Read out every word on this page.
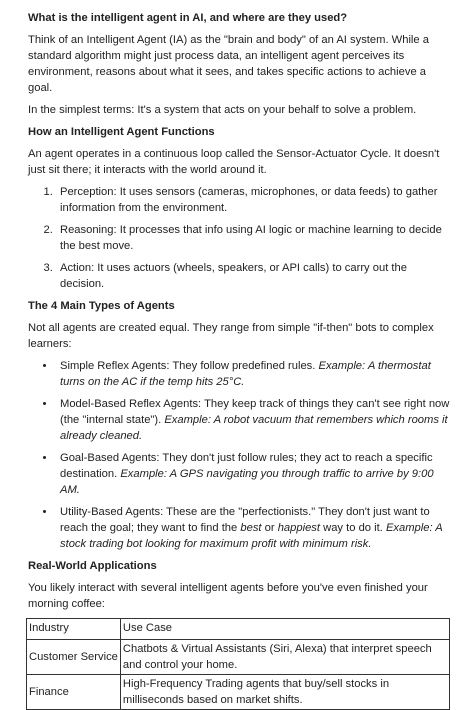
What is the intelligent agent in AI, and where are they used?

Think of an Intelligent Agent (IA) as the "brain and body" of an AI system. While a standard algorithm might just process data, an intelligent agent perceives its environment, reasons about what it sees, and takes specific actions to achieve a goal.

In the simplest terms: It's a system that acts on your behalf to solve a problem.

How an Intelligent Agent Functions

An agent operates in a continuous loop called the Sensor-Actuator Cycle. It doesn't just sit there; it interacts with the world around it.

1. Perception: It uses sensors (cameras, microphones, or data feeds) to gather information from the environment.
2. Reasoning: It processes that info using AI logic or machine learning to decide the best move.
3. Action: It uses actuors (wheels, speakers, or API calls) to carry out the decision.
The 4 Main Types of Agents

Not all agents are created equal. They range from simple "if-then" bots to complex learners:

• Simple Reflex Agents: They follow predefined rules. Example: A thermostat turns on the AC if the temp hits 25°C.
• Model-Based Reflex Agents: They keep track of things they can't see right now (the "internal state"). Example: A robot vacuum that remembers which rooms it already cleaned.
• Goal-Based Agents: They don't just follow rules; they act to reach a specific destination. Example: A GPS navigating you through traffic to arrive by 9:00 AM.
• Utility-Based Agents: These are the "perfectionists." They don't just want to reach the goal; they want to find the best or happiest way to do it. Example: A stock trading bot looking for maximum profit with minimum risk.
Real-World Applications

You likely interact with several intelligent agents before you've even finished your morning coffee:

Industry	Use Case
Customer Service	Chatbots & Virtual Assistants (Siri, Alexa) that interpret speech and control your home.
Finance	High-Frequency Trading agents that buy/sell stocks in milliseconds based on market shifts.
